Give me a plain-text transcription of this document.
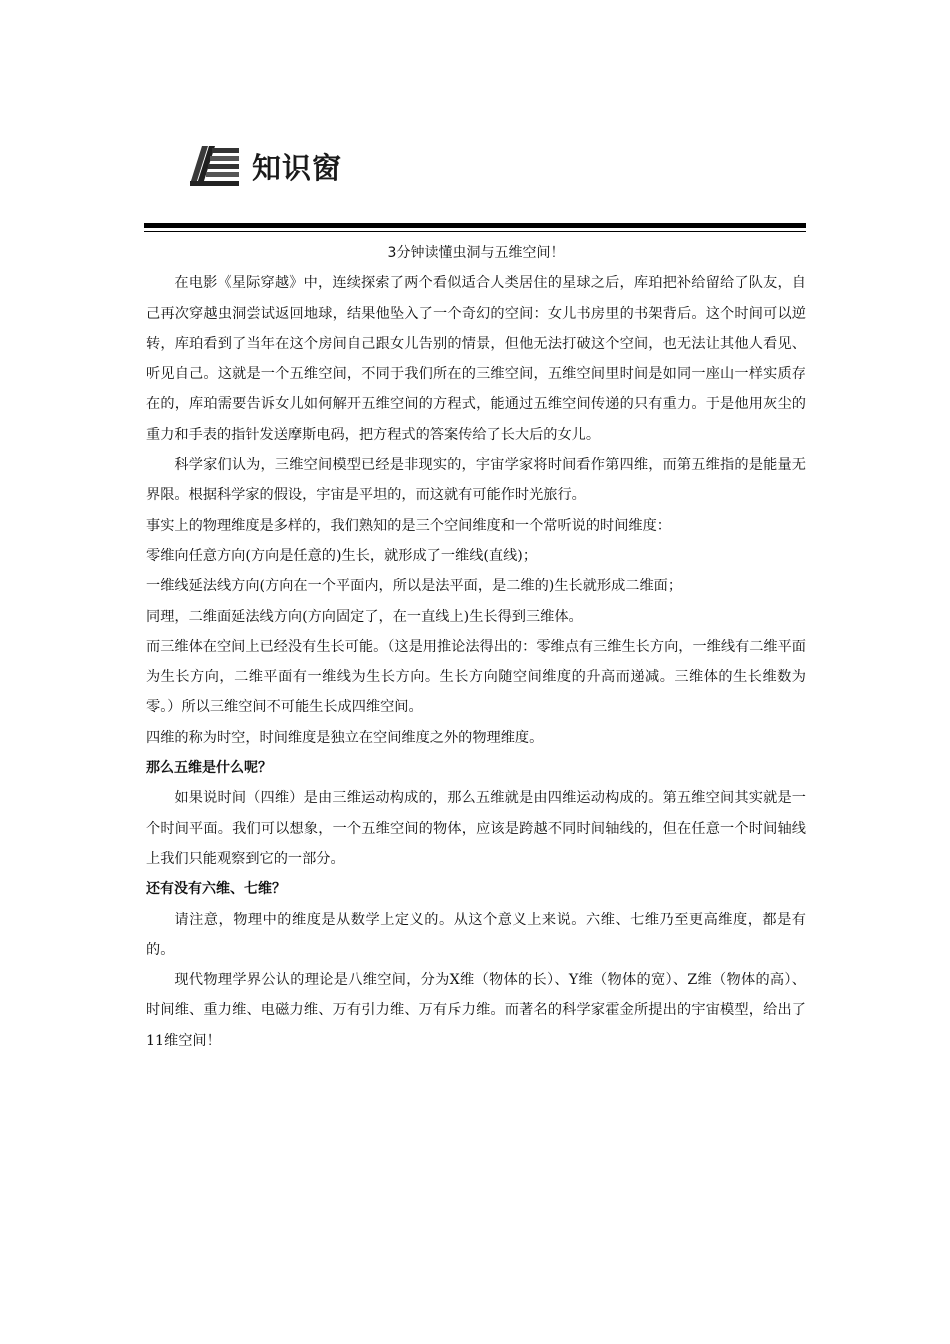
知识窗

3分钟读懂虫洞与五维空间！

在电影《星际穿越》中，连续探索了两个看似适合人类居住的星球之后，库珀把补给留给了队友，自己再次穿越虫洞尝试返回地球，结果他坠入了一个奇幻的空间：女儿书房里的书架背后。这个时间可以逆转，库珀看到了当年在这个房间自己跟女儿告别的情景，但他无法打破这个空间，也无法让其他人看见、听见自己。这就是一个五维空间，不同于我们所在的三维空间，五维空间里时间是如同一座山一样实质存在的，库珀需要告诉女儿如何解开五维空间的方程式，能通过五维空间传递的只有重力。于是他用灰尘的重力和手表的指针发送摩斯电码，把方程式的答案传给了长大后的女儿。

科学家们认为，三维空间模型已经是非现实的，宇宙学家将时间看作第四维，而第五维指的是能量无界限。根据科学家的假设，宇宙是平坦的，而这就有可能作时光旅行。

事实上的物理维度是多样的，我们熟知的是三个空间维度和一个常听说的时间维度：

零维向任意方向(方向是任意的)生长，就形成了一维线(直线)；

一维线延法线方向(方向在一个平面内，所以是法平面，是二维的)生长就形成二维面；

同理，二维面延法线方向(方向固定了，在一直线上)生长得到三维体。

而三维体在空间上已经没有生长可能。（这是用推论法得出的：零维点有三维生长方向，一维线有二维平面为生长方向，二维平面有一维线为生长方向。生长方向随空间维度的升高而递减。三维体的生长维数为零。）所以三维空间不可能生长成四维空间。

四维的称为时空，时间维度是独立在空间维度之外的物理维度。

那么五维是什么呢？

如果说时间（四维）是由三维运动构成的，那么五维就是由四维运动构成的。第五维空间其实就是一个时间平面。我们可以想象，一个五维空间的物体，应该是跨越不同时间轴线的，但在任意一个时间轴线上我们只能观察到它的一部分。

还有没有六维、七维？

请注意，物理中的维度是从数学上定义的。从这个意义上来说。六维、七维乃至更高维度，都是有的。

现代物理学界公认的理论是八维空间，分为X维（物体的长）、Y维（物体的宽）、Z维（物体的高）、时间维、重力维、电磁力维、万有引力维、万有斥力维。而著名的科学家霍金所提出的宇宙模型，给出了11维空间！
